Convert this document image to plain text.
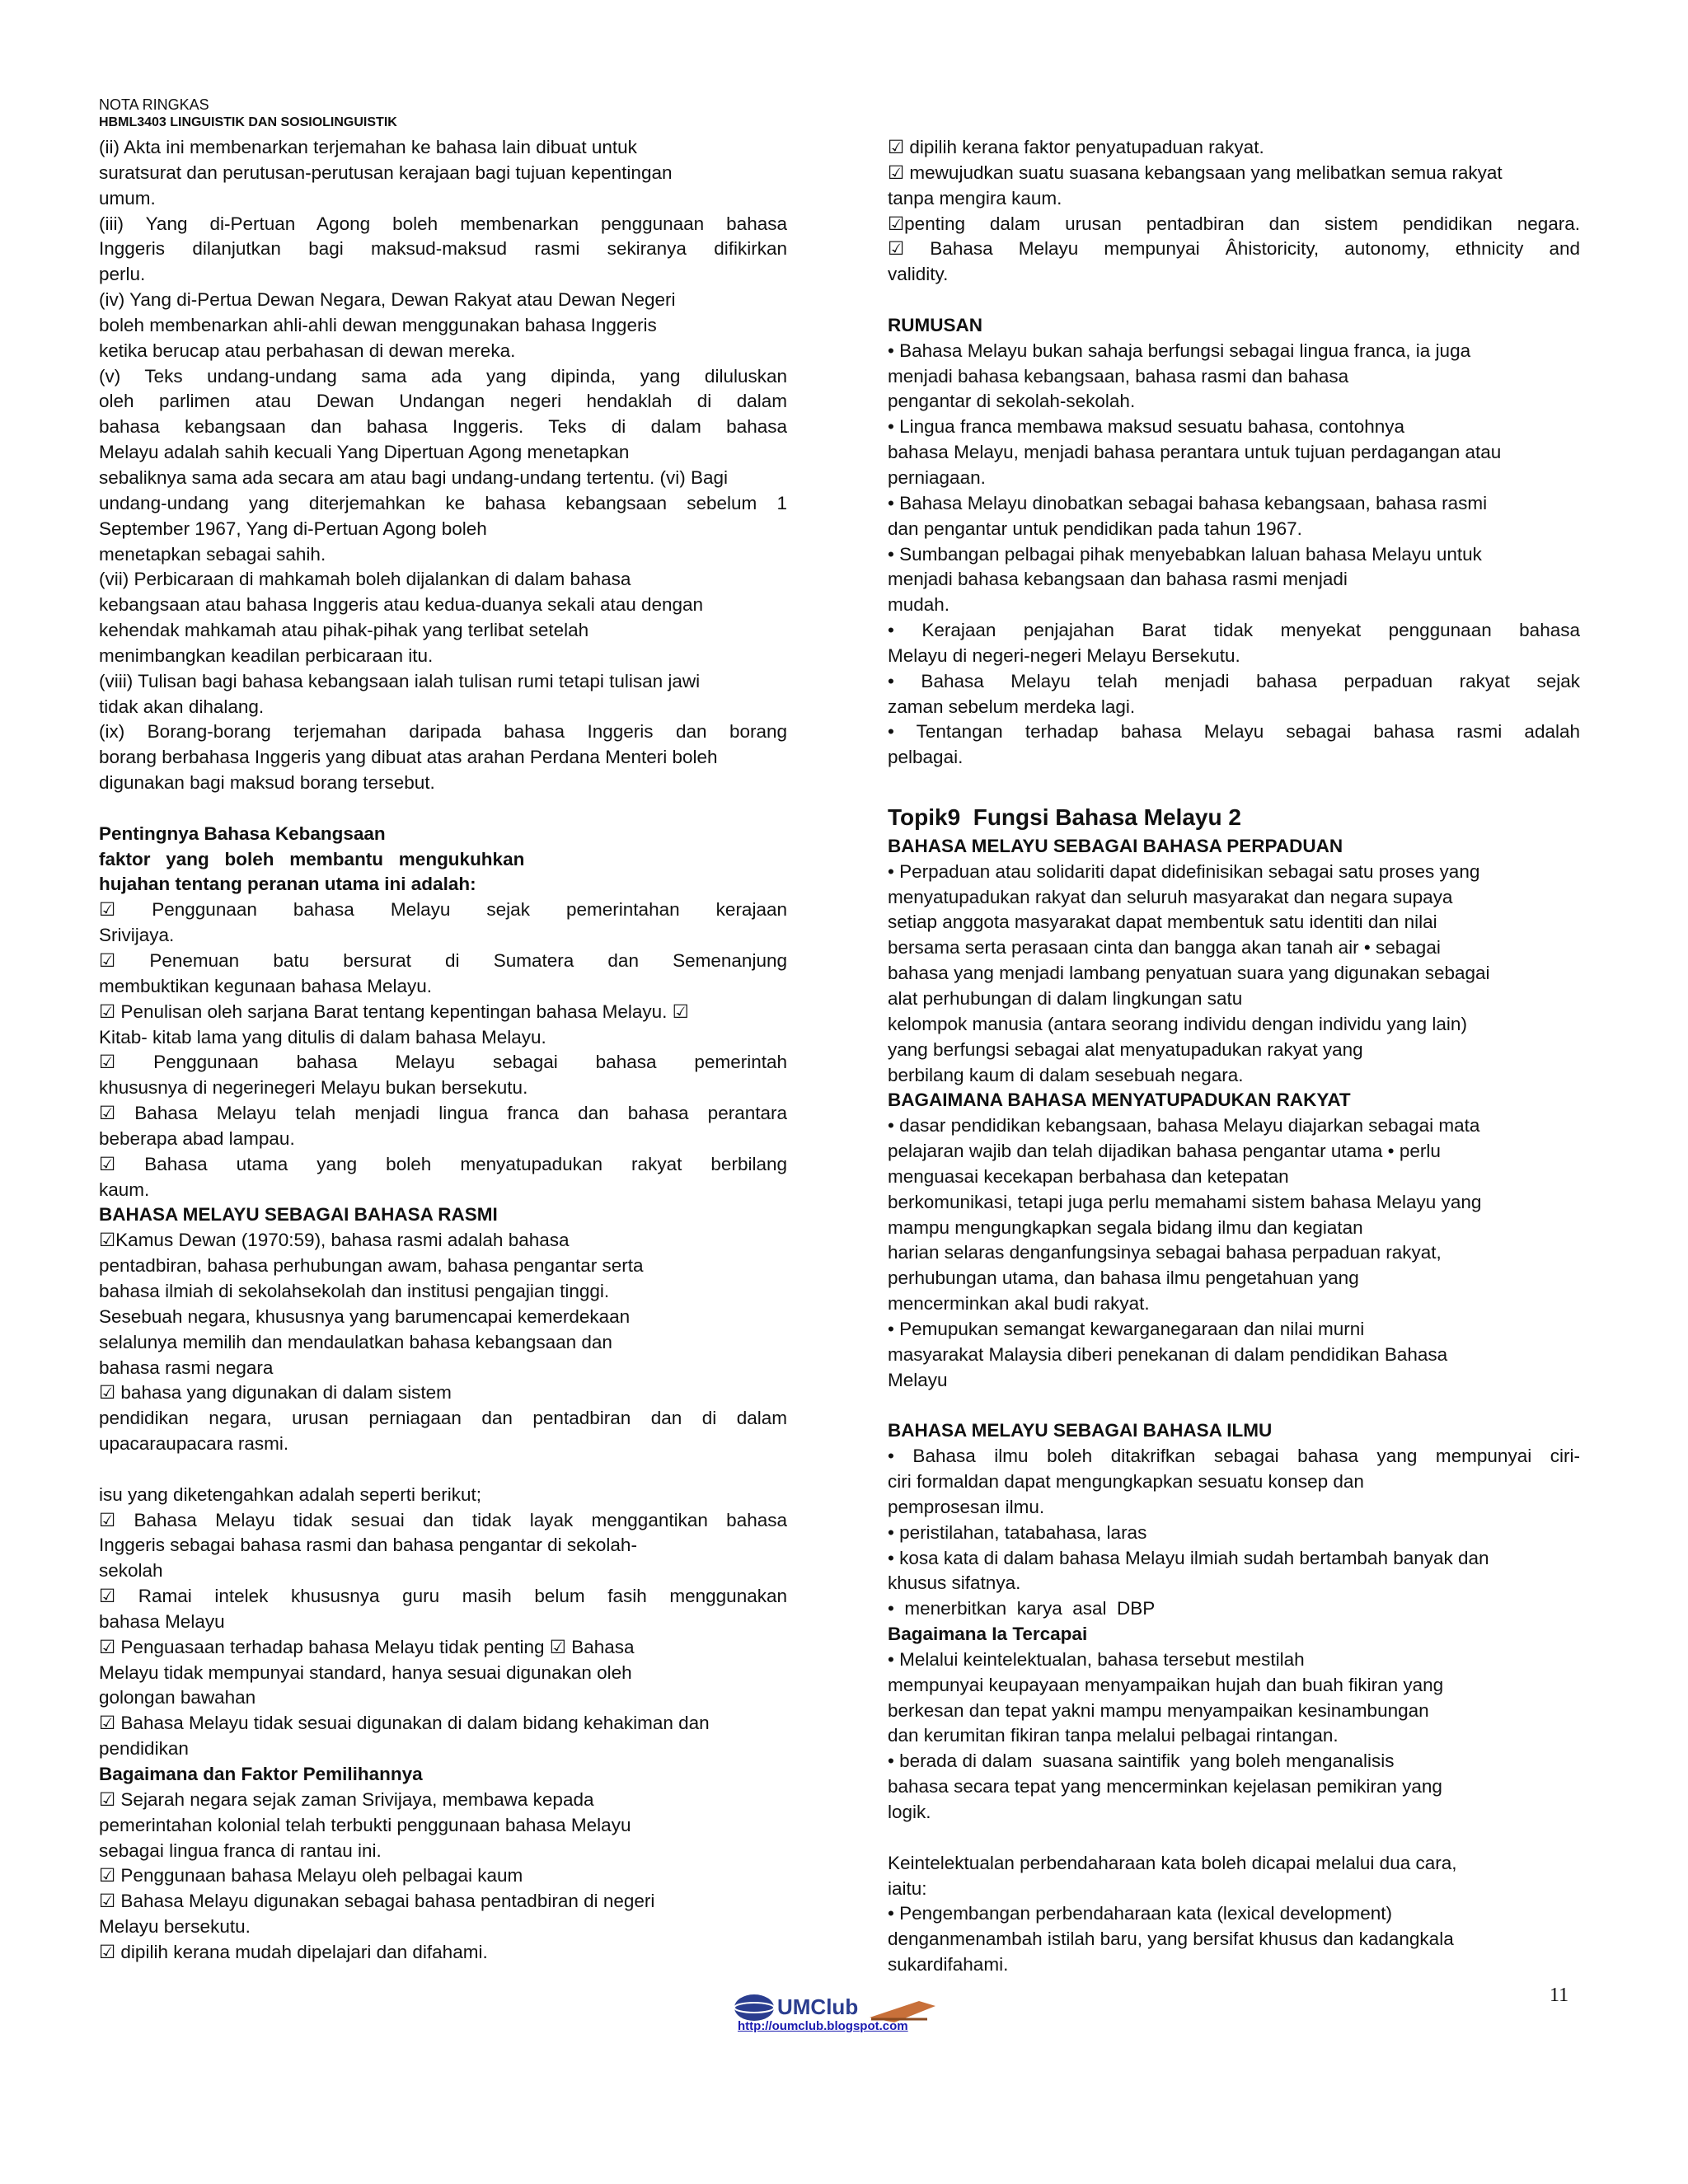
NOTA RINGKAS
HBML3403 LINGUISTIK DAN SOSIOLINGUISTIK
(ii) Akta ini membenarkan terjemahan ke bahasa lain dibuat untuk
suratsurat dan perutusan-perutusan kerajaan bagi tujuan kepentingan
umum.
(iii) Yang di-Pertuan Agong boleh membenarkan penggunaan bahasa
Inggeris dilanjutkan bagi maksud-maksud rasmi sekiranya difikirkan
perlu.
(iv) Yang di-Pertua Dewan Negara, Dewan Rakyat atau Dewan Negeri
boleh membenarkan ahli-ahli dewan menggunakan bahasa Inggeris
ketika berucap atau perbahasan di dewan mereka.
(v) Teks undang-undang sama ada yang dipinda, yang diluluskan
oleh parlimen atau Dewan Undangan negeri hendaklah di dalam
bahasa kebangsaan dan bahasa Inggeris. Teks di dalam bahasa
Melayu adalah sahih kecuali Yang Dipertuan Agong menetapkan
sebaliknya sama ada secara am atau bagi undang-undang tertentu. (vi) Bagi
undang-undang yang diterjemahkan ke bahasa kebangsaan sebelum 1
September 1967, Yang di-Pertuan Agong boleh
menetapkan sebagai sahih.
(vii) Perbicaraan di mahkamah boleh dijalankan di dalam bahasa
kebangsaan atau bahasa Inggeris atau kedua-duanya sekali atau dengan
kehendak mahkamah atau pihak-pihak yang terlibat setelah
menimbangkan keadilan perbicaraan itu.
(viii) Tulisan bagi bahasa kebangsaan ialah tulisan rumi tetapi tulisan jawi
tidak akan dihalang.
(ix) Borang-borang terjemahan daripada bahasa Inggeris dan borang
borang berbahasa Inggeris yang dibuat atas arahan Perdana Menteri boleh
digunakan bagi maksud borang tersebut.
Pentingnya Bahasa Kebangsaan
faktor   yang   boleh   membantu   mengukuhkan
hujahan tentang peranan utama ini adalah:
☑ Penggunaan bahasa Melayu sejak pemerintahan kerajaan
Srivijaya.
☑ Penemuan batu bersurat di Sumatera dan Semenanjung
membuktikan kegunaan bahasa Melayu.
☑ Penulisan oleh sarjana Barat tentang kepentingan bahasa Melayu. ☑
Kitab- kitab lama yang ditulis di dalam bahasa Melayu.
☑ Penggunaan bahasa Melayu sebagai bahasa pemerintah
khususnya di negerinegeri Melayu bukan bersekutu.
☑ Bahasa Melayu telah menjadi lingua franca dan bahasa perantara
beberapa abad lampau.
☑ Bahasa utama yang boleh menyatupadukan rakyat berbilang
kaum.
BAHASA MELAYU SEBAGAI BAHASA RASMI
☑Kamus Dewan (1970:59), bahasa rasmi adalah bahasa
pentadbiran, bahasa perhubungan awam, bahasa pengantar serta
bahasa ilmiah di sekolahsekolah dan institusi pengajian tinggi.
Sesebuah negara, khususnya yang barumencapai kemerdekaan
selalunya memilih dan mendaulatkan bahasa kebangsaan dan
bahasa rasmi negara
☑ bahasa yang digunakan di dalam sistem
pendidikan negara, urusan perniagaan dan pentadbiran dan di dalam
upacaraupacara rasmi.
isu yang diketengahkan adalah seperti berikut;
☑ Bahasa Melayu tidak sesuai dan tidak layak menggantikan bahasa
Inggeris sebagai bahasa rasmi dan bahasa pengantar di sekolah-
sekolah
☑ Ramai intelek khususnya guru masih belum fasih menggunakan
bahasa Melayu
☑ Penguasaan terhadap bahasa Melayu tidak penting ☑ Bahasa
Melayu tidak mempunyai standard, hanya sesuai digunakan oleh
golongan bawahan
☑ Bahasa Melayu tidak sesuai digunakan di dalam bidang kehakiman dan
pendidikan
Bagaimana dan Faktor Pemilihannya
☑ Sejarah negara sejak zaman Srivijaya, membawa kepada
pemerintahan kolonial telah terbukti penggunaan bahasa Melayu
sebagai lingua franca di rantau ini.
☑ Penggunaan bahasa Melayu oleh pelbagai kaum
☑ Bahasa Melayu digunakan sebagai bahasa pentadbiran di negeri
Melayu bersekutu.
☑ dipilih kerana mudah dipelajari dan difahami.
☑ dipilih kerana faktor penyatupaduan rakyat.
☑ mewujudkan suatu suasana kebangsaan yang melibatkan semua rakyat
tanpa mengira kaum.
☑penting dalam urusan pentadbiran dan sistem pendidikan negara.
☑ Bahasa Melayu mempunyai Âhistoricity, autonomy, ethnicity and
validity.
RUMUSAN
• Bahasa Melayu bukan sahaja berfungsi sebagai lingua franca, ia juga
menjadi bahasa kebangsaan, bahasa rasmi dan bahasa
pengantar di sekolah-sekolah.
• Lingua franca membawa maksud sesuatu bahasa, contohnya
bahasa Melayu, menjadi bahasa perantara untuk tujuan perdagangan atau
perniagaan.
• Bahasa Melayu dinobatkan sebagai bahasa kebangsaan, bahasa rasmi
dan pengantar untuk pendidikan pada tahun 1967.
• Sumbangan pelbagai pihak menyebabkan laluan bahasa Melayu untuk
menjadi bahasa kebangsaan dan bahasa rasmi menjadi
mudah.
• Kerajaan penjajahan Barat tidak menyekat penggunaan bahasa
Melayu di negeri-negeri Melayu Bersekutu.
• Bahasa Melayu telah menjadi bahasa perpaduan rakyat sejak
zaman sebelum merdeka lagi.
• Tentangan terhadap bahasa Melayu sebagai bahasa rasmi adalah
pelbagai.
Topik9  Fungsi Bahasa Melayu 2
BAHASA MELAYU SEBAGAI BAHASA PERPADUAN
• Perpaduan atau solidariti dapat didefinisikan sebagai satu proses yang
menyatupadukan rakyat dan seluruh masyarakat dan negara supaya
setiap anggota masyarakat dapat membentuk satu identiti dan nilai
bersama serta perasaan cinta dan bangga akan tanah air • sebagai
bahasa yang menjadi lambang penyatuan suara yang digunakan sebagai
alat perhubungan di dalam lingkungan satu
kelompok manusia (antara seorang individu dengan individu yang lain)
yang berfungsi sebagai alat menyatupadukan rakyat yang
berbilang kaum di dalam sesebuah negara.
BAGAIMANA BAHASA MENYATUPADUKAN RAKYAT
• dasar pendidikan kebangsaan, bahasa Melayu diajarkan sebagai mata
pelajaran wajib dan telah dijadikan bahasa pengantar utama • perlu
menguasai kecekapan berbahasa dan ketepatan
berkomunikasi, tetapi juga perlu memahami sistem bahasa Melayu yang
mampu mengungkapkan segala bidang ilmu dan kegiatan
harian selaras denganfungsinya sebagai bahasa perpaduan rakyat,
perhubungan utama, dan bahasa ilmu pengetahuan yang
mencerminkan akal budi rakyat.
• Pemupukan semangat kewarganegaraan dan nilai murni
masyarakat Malaysia diberi penekanan di dalam pendidikan Bahasa
Melayu
BAHASA MELAYU SEBAGAI BAHASA ILMU
• Bahasa ilmu boleh ditakrifkan sebagai bahasa yang mempunyai ciri-
ciri formaldan dapat mengungkapkan sesuatu konsep dan
pemprosesan ilmu.
• peristilahan, tatabahasa, laras
• kosa kata di dalam bahasa Melayu ilmiah sudah bertambah banyak dan
khusus sifatnya.
•  menerbitkan  karya  asal  DBP
Bagaimana Ia Tercapai
• Melalui keintelektualan, bahasa tersebut mestilah
mempunyai keupayaan menyampaikan hujah dan buah fikiran yang
berkesan dan tepat yakni mampu menyampaikan kesinambungan
dan kerumitan fikiran tanpa melalui pelbagai rintangan.
• berada di dalam  suasana saintifik  yang boleh menganalisis
bahasa secara tepat yang mencerminkan kejelasan pemikiran yang
logik.
Keintelektualan perbendaharaan kata boleh dicapai melalui dua cara,
iaitu:
• Pengembangan perbendaharaan kata (lexical development)
denganmenambah istilah baru, yang bersifat khusus dan kadangkala
sukardifahami.
UMClub
http://oumclub.blogspot.com
11
